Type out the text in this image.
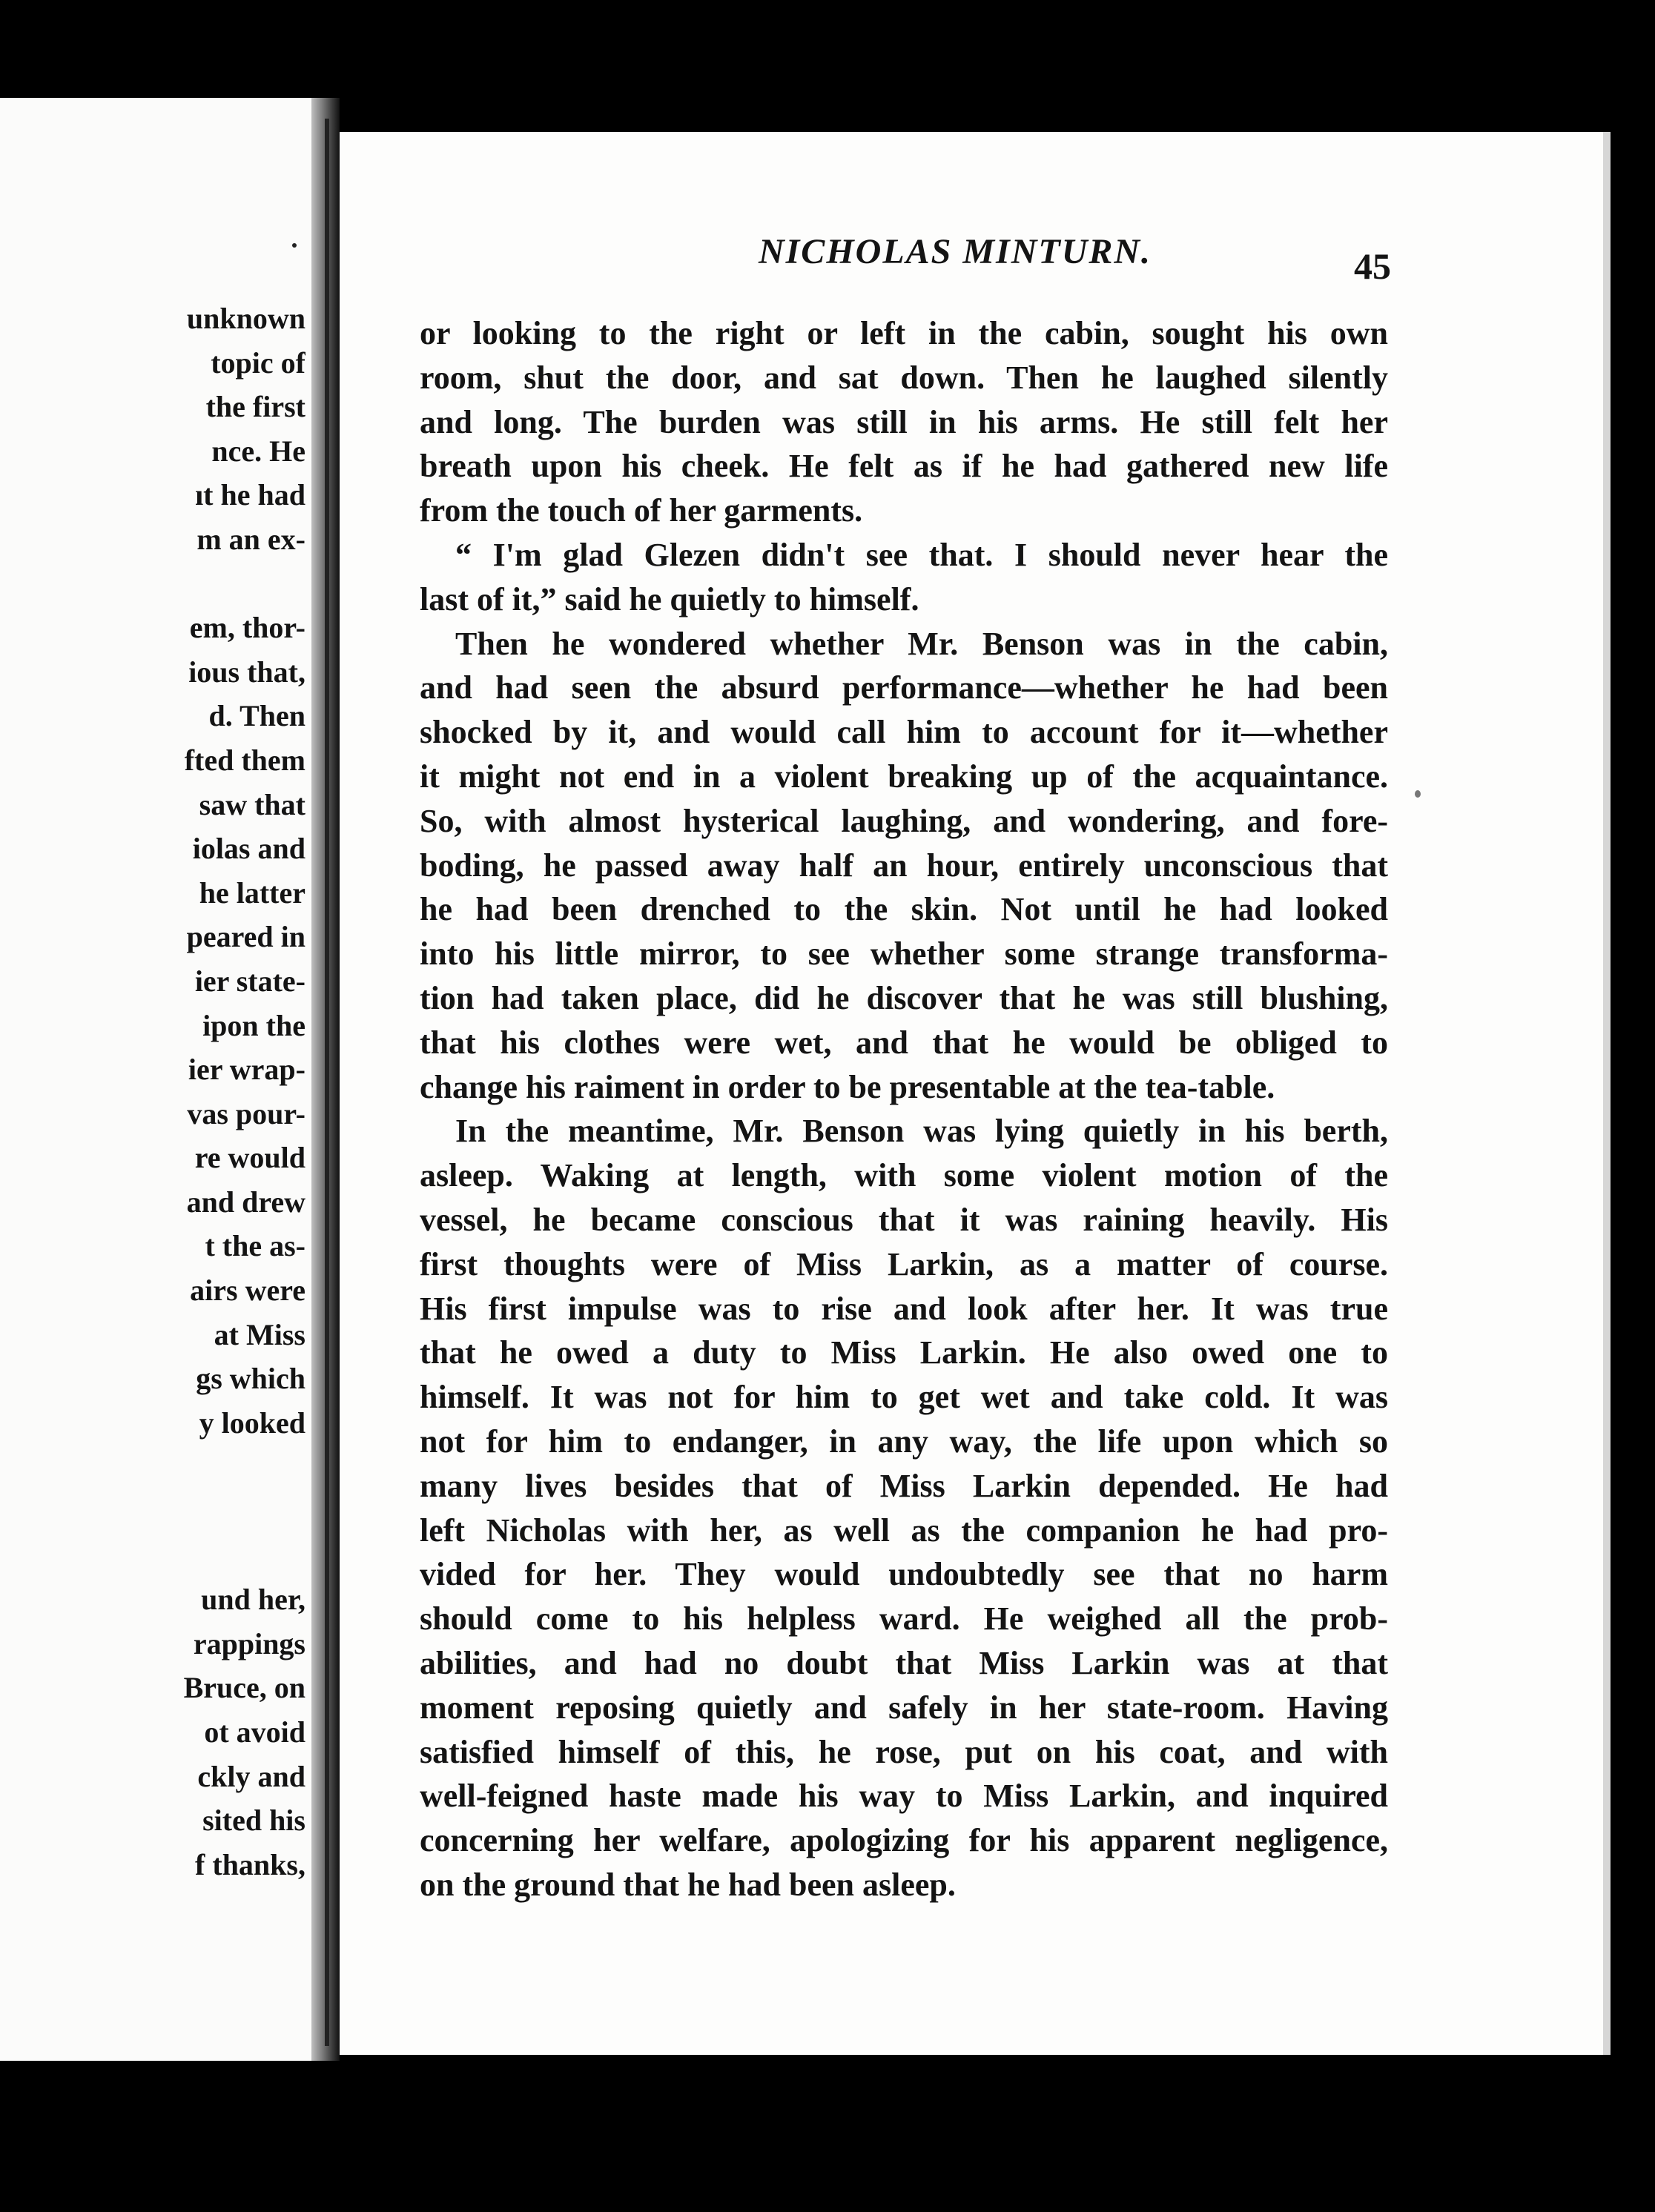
unknown
topic of
the first
nce. He
ıt he had
m an ex-
em, thor-
ious that,
d. Then
fted them
saw that
iolas and
he latter
peared in
ier state-
ipon the
ier wrap-
vas pour-
re would
and drew
t the as-
airs were
at Miss
gs which
y looked
und her,
rappings
Bruce, on
ot avoid
ckly and
sited his
f thanks,
NICHOLAS MINTURN.	45
or looking to the right or left in the cabin, sought his own
room, shut the door, and sat down. Then he laughed silently
and long. The burden was still in his arms. He still felt her
breath upon his cheek. He felt as if he had gathered new life
from the touch of her garments.
“ I'm glad Glezen didn't see that. I should never hear the
last of it,” said he quietly to himself.
Then he wondered whether Mr. Benson was in the cabin,
and had seen the absurd performance—whether he had been
shocked by it, and would call him to account for it—whether
it might not end in a violent breaking up of the acquaintance.
So, with almost hysterical laughing, and wondering, and fore-
boding, he passed away half an hour, entirely unconscious that
he had been drenched to the skin. Not until he had looked
into his little mirror, to see whether some strange transforma-
tion had taken place, did he discover that he was still blushing,
that his clothes were wet, and that he would be obliged to
change his raiment in order to be presentable at the tea-table.
In the meantime, Mr. Benson was lying quietly in his berth,
asleep. Waking at length, with some violent motion of the
vessel, he became conscious that it was raining heavily. His
first thoughts were of Miss Larkin, as a matter of course.
His first impulse was to rise and look after her. It was true
that he owed a duty to Miss Larkin. He also owed one to
himself. It was not for him to get wet and take cold. It was
not for him to endanger, in any way, the life upon which so
many lives besides that of Miss Larkin depended. He had
left Nicholas with her, as well as the companion he had pro-
vided for her. They would undoubtedly see that no harm
should come to his helpless ward. He weighed all the prob-
abilities, and had no doubt that Miss Larkin was at that
moment reposing quietly and safely in her state-room. Having
satisfied himself of this, he rose, put on his coat, and with
well-feigned haste made his way to Miss Larkin, and inquired
concerning her welfare, apologizing for his apparent negligence,
on the ground that he had been asleep.
